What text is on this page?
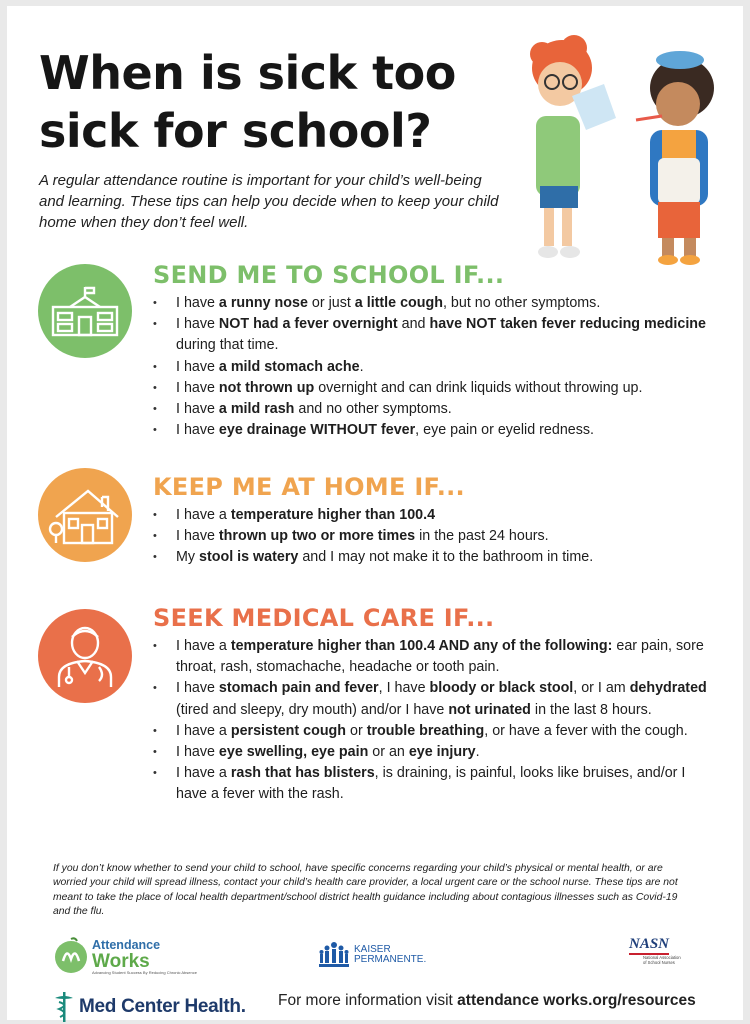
When is sick too
sick for school?

A regular attendance routine is important for your child’s well-being and learning. These tips can help you decide when to keep your child home when they don’t feel well.

SEND ME TO SCHOOL IF...
• I have a runny nose or just a little cough, but no other symptoms.
• I have NOT had a fever overnight and have NOT taken fever reducing medicine during that time.
• I have a mild stomach ache.
• I have not thrown up overnight and can drink liquids without throwing up.
• I have a mild rash and no other symptoms.
• I have eye drainage WITHOUT fever, eye pain or eyelid redness.
KEEP ME AT HOME IF...
• I have a temperature higher than 100.4
• I have thrown up two or more times in the past 24 hours.
• My stool is watery and I may not make it to the bathroom in time.
SEEK MEDICAL CARE IF...
• I have a temperature higher than 100.4 AND any of the following: ear pain, sore throat, rash, stomachache, headache or tooth pain.
• I have stomach pain and fever, I have bloody or black stool, or I am dehydrated (tired and sleepy, dry mouth) and/or I have not urinated in the last 8 hours.
• I have a persistent cough or trouble breathing, or have a fever with the cough.
• I have eye swelling, eye pain or an eye injury.
• I have a rash that has blisters, is draining, is painful, looks like bruises, and/or I have a fever with the rash.

If you don’t know whether to send your child to school, have specific concerns regarding your child’s physical or mental health, or are worried your child will spread illness, contact your child’s health care provider, a local urgent care or the school nurse. These tips are not meant to take the place of local health department/school district health guidance including about contagious illnesses such as Covid-19 and the flu.

Attendance
Works
Advancing Student Success By Reducing Chronic Absence
KAISER
PERMANENTE.
NASN
National Association of School Nurses
Med Center Health. For more information visit attendance works.org/resources
